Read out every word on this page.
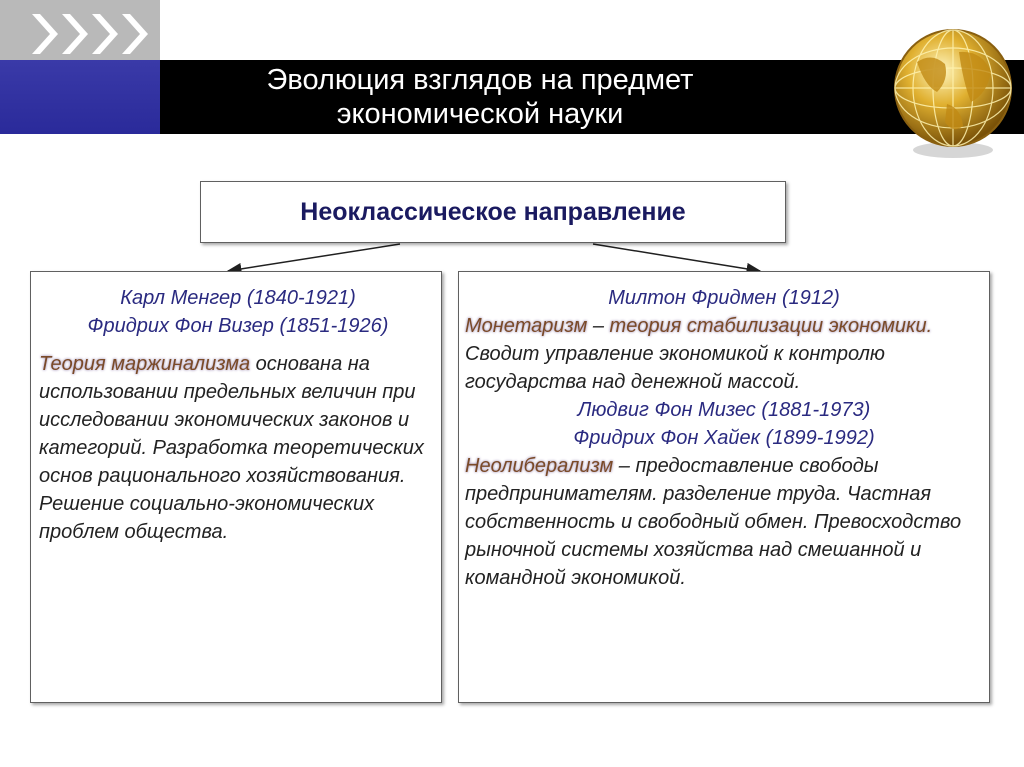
Эволюция взглядов на предмет
экономической науки
Неоклассическое направление

Карл Менгер (1840-1921)

Фридрих Фон Визер (1851-1926)

Теория маржинализма основана на использовании предельных величин при исследовании экономических законов и категорий. Разработка теоретических основ рационального хозяйствования. Решение социально-экономических проблем общества.

Милтон Фридмен (1912)

Монетаризм – теория стабилизации экономики. Сводит управление экономикой к контролю государства над денежной массой.

Людвиг Фон Мизес (1881-1973)

Фридрих Фон Хайек (1899-1992)

Неолиберализм – предоставление свободы предпринимателям. разделение труда. Частная собственность и свободный обмен. Превосходство рыночной системы хозяйства над смешанной и командной экономикой.
